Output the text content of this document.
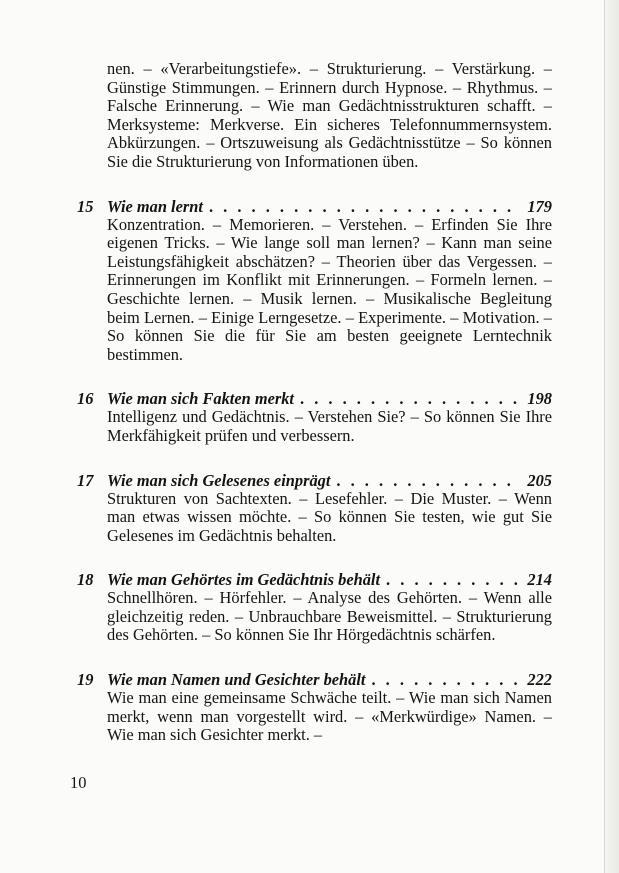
nen. – «Verarbeitungstiefe». – Strukturierung. – Verstärkung. – Günstige Stimmungen. – Erinnern durch Hypnose. – Rhythmus. – Falsche Erinnerung. – Wie man Gedächtnisstrukturen schafft. – Merksysteme: Merkverse. Ein sicheres Telefonnummernsystem. Abkürzungen. – Ortszuweisung als Gedächtnisstütze – So können Sie die Strukturierung von Informationen üben.

15 Wie man lernt . . .	179

Konzentration. – Memorieren. – Verstehen. – Erfinden Sie Ihre eigenen Tricks. – Wie lange soll man lernen? – Kann man seine Leistungsfähigkeit abschätzen? – Theorien über das Vergessen. – Erinnerungen im Konflikt mit Erinnerungen. – Formeln lernen. – Geschichte lernen. – Musik lernen. – Musikalische Begleitung beim Lernen. – Einige Lerngesetze. – Experimente. – Motivation. – So können Sie die für Sie am besten geeignete Lerntechnik bestimmen.

16 Wie man sich Fakten merkt . . .	198

Intelligenz und Gedächtnis. – Verstehen Sie? – So können Sie Ihre Merkfähigkeit prüfen und verbessern.

17 Wie man sich Gelesenes einprägt . . .	205

Strukturen von Sachtexten. – Lesefehler. – Die Muster. – Wenn man etwas wissen möchte. – So können Sie testen, wie gut Sie Gelesenes im Gedächtnis behalten.

18 Wie man Gehörtes im Gedächtnis behält . . .	214

Schnellhören. – Hörfehler. – Analyse des Gehörten. – Wenn alle gleichzeitig reden. – Unbrauchbare Beweismittel. – Strukturierung des Gehörten. – So können Sie Ihr Hörgedächtnis schärfen.

19 Wie man Namen und Gesichter behält . . .	222

Wie man eine gemeinsame Schwäche teilt. – Wie man sich Namen merkt, wenn man vorgestellt wird. – «Merkwürdige» Namen. – Wie man sich Gesichter merkt. –

10
